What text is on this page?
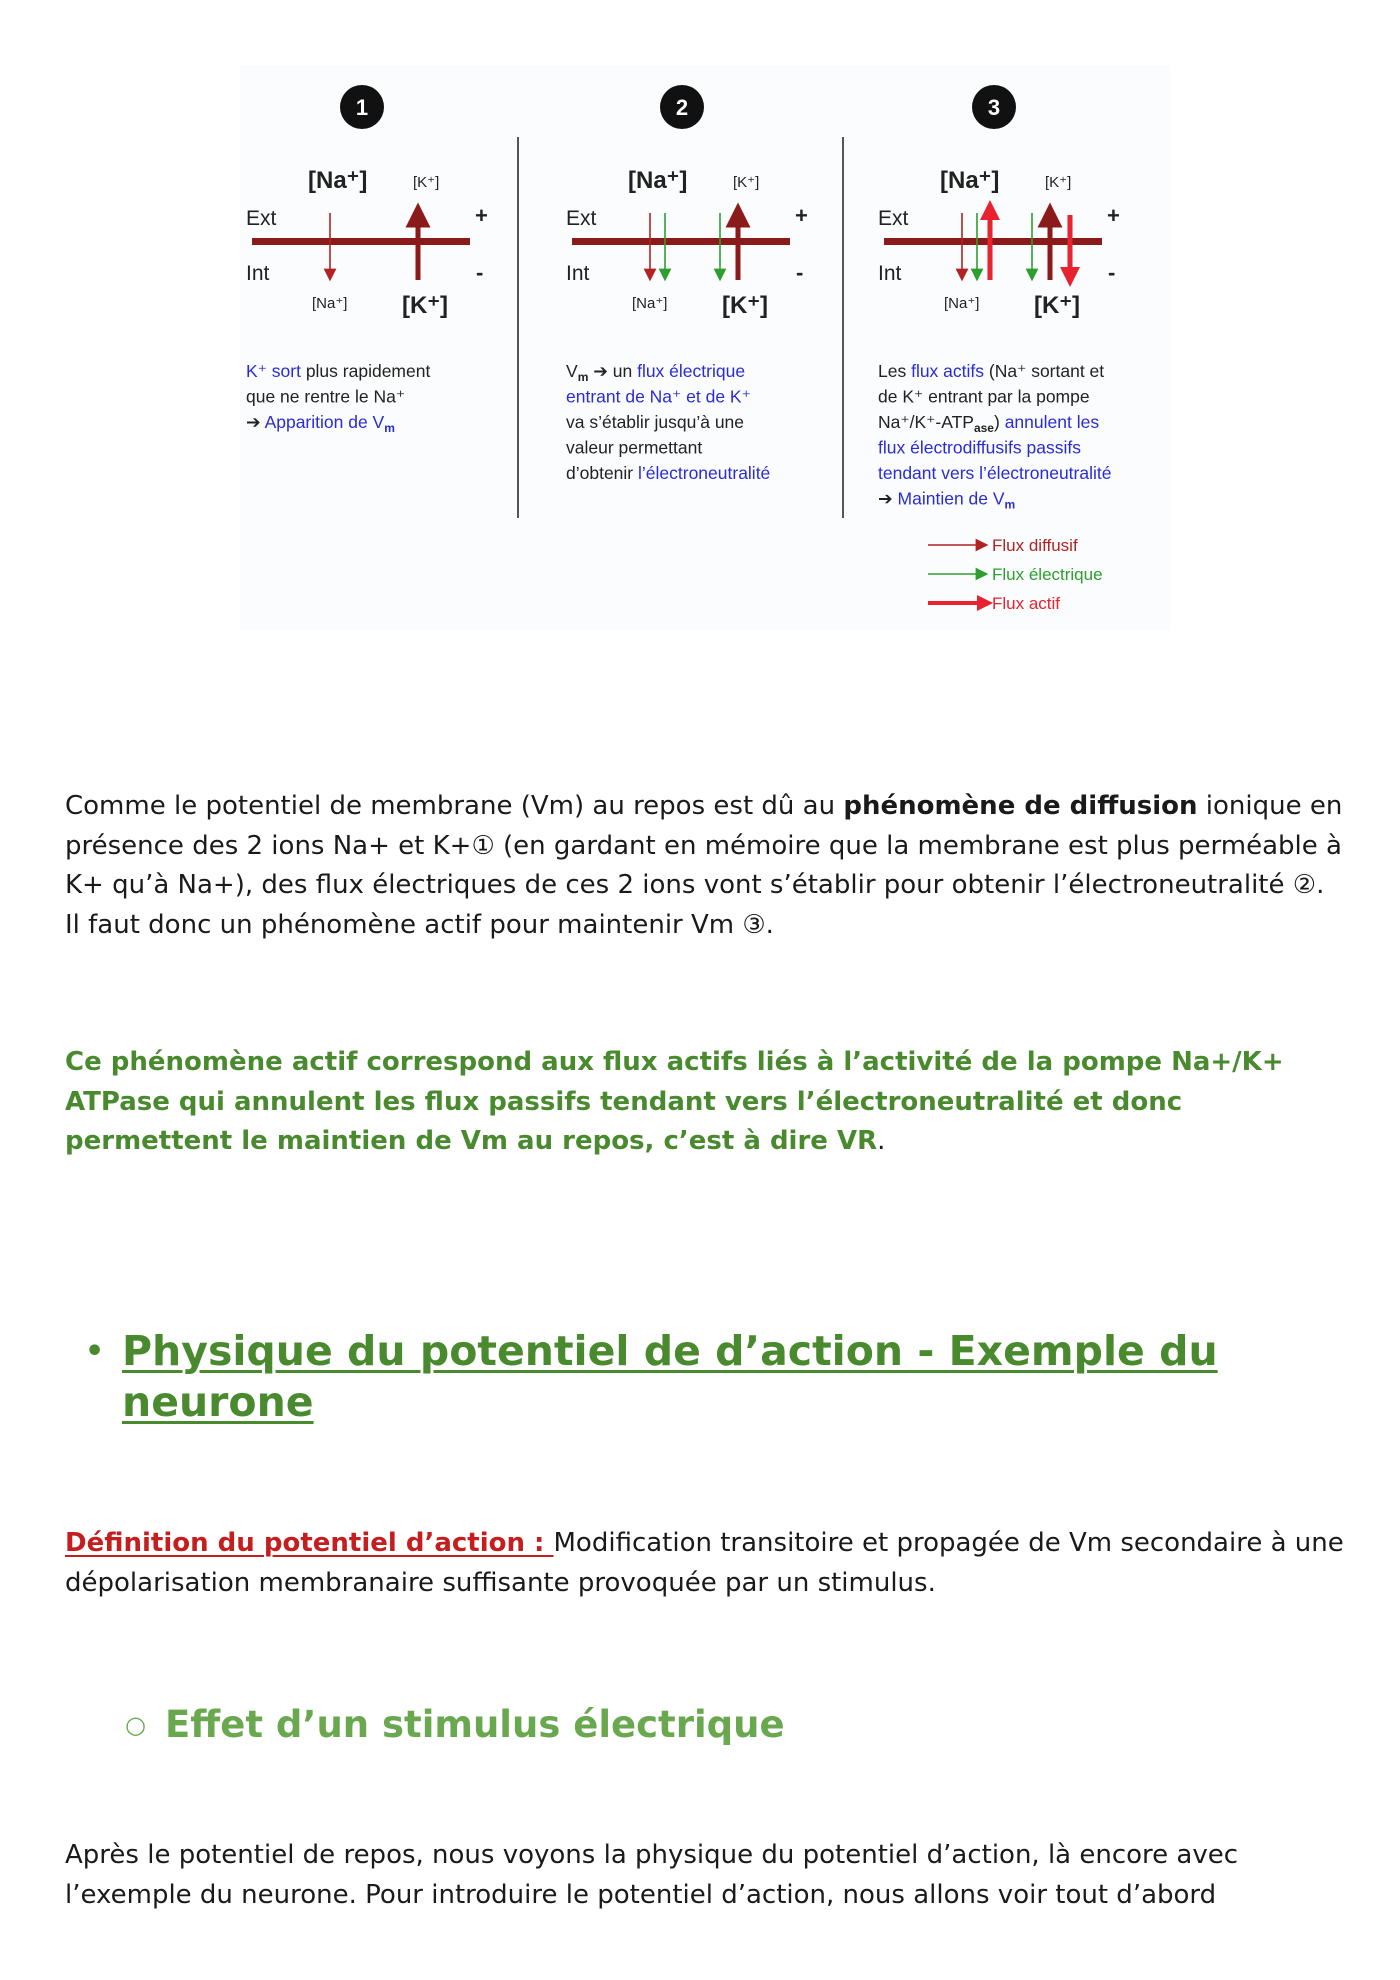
1
[Na⁺]	[K⁺]
Ext
Int
+
-
[Na⁺] [K⁺]
K⁺ sort plus rapidement
que ne rentre le Na⁺
➔ Apparition de $V_m$
2
[Na⁺]	[K⁺]
Ext
Int
+
-
[Na⁺] [K⁺]
$V_m$ ➔ un flux électrique
entrant de Na⁺ et de K⁺
va s’établir jusqu’à une
valeur permettant
d’obtenir l’électroneutralité
3
[Na⁺]	[K⁺]
Ext
Int
+
-
[Na⁺] [K⁺]
Les flux actifs (Na⁺ sortant et
de K⁺ entrant par la pompe
$Na^+/K^+-ATP_{ase}$) annulent les
flux électrodiffusifs passifs
tendant vers l’électroneutralité
➔ Maintien de $V_m$
Flux diffusif
Flux électrique
Flux actif

Comme le potentiel de membrane (Vm) au repos est dû au phénomène de diffusion ionique en présence des 2 ions Na+ et K+① (en gardant en mémoire que la membrane est plus perméable à K+ qu’à Na+), des flux électriques de ces 2 ions vont s’établir pour obtenir l’électroneutralité ②. Il faut donc un phénomène actif pour maintenir Vm ③.

Ce phénomène actif correspond aux flux actifs liés à l’activité de la pompe Na+/K+ ATPase qui annulent les flux passifs tendant vers l’électroneutralité et donc permettent le maintien de Vm au repos, c’est à dire VR.

• Physique du potentiel de d’action - Exemple du neurone

Définition du potentiel d’action : Modification transitoire et propagée de Vm secondaire à une dépolarisation membranaire suffisante provoquée par un stimulus.

○ Effet d’un stimulus électrique

Après le potentiel de repos, nous voyons la physique du potentiel d’action, là encore avec l’exemple du neurone. Pour introduire le potentiel d’action, nous allons voir tout d’abord
